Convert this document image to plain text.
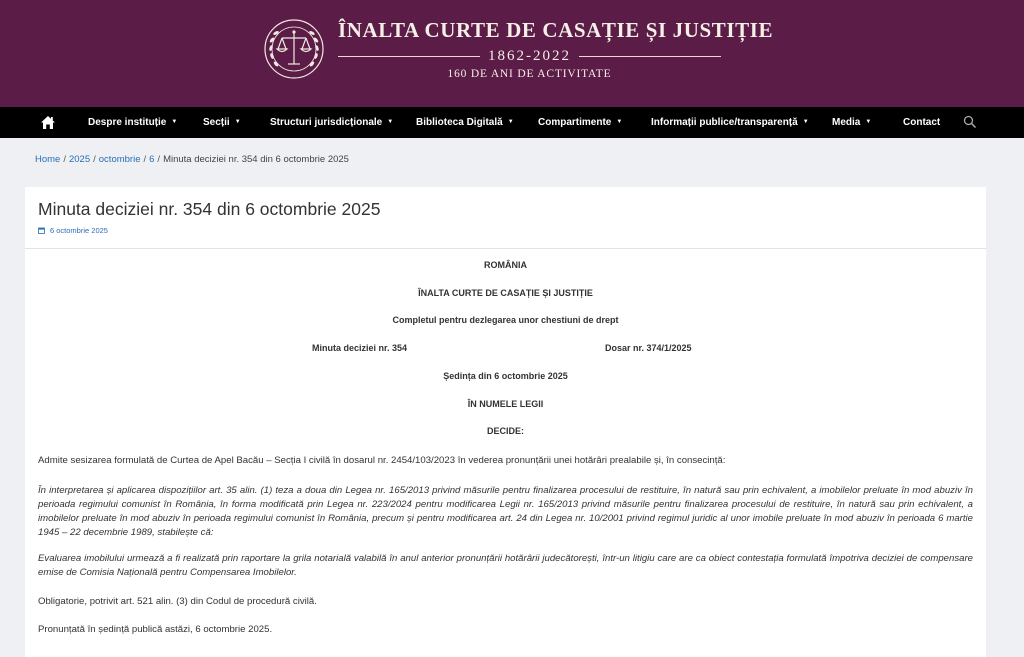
ÎNALTA CURTE DE CASAȚIE ȘI JUSTIȚIE
1862-2022
160 DE ANI DE ACTIVITATE
Despre instituție ▼	Secții ▼	Structuri jurisdicționale ▼ Biblioteca Digitală ▼ Compartimente ▼	Informații publice/transparență ▼ Media ▼	Contact
Home / 2025 / octombrie / 6 / Minuta deciziei nr. 354 din 6 octombrie 2025
Minuta deciziei nr. 354 din 6 octombrie 2025
6 octombrie 2025
ROMÂNIA
ÎNALTA CURTE DE CASAȚIE ȘI JUSTIȚIE
Completul pentru dezlegarea unor chestiuni de drept
Minuta deciziei nr. 354	Dosar nr. 374/1/2025
Ședința din 6 octombrie 2025
ÎN NUMELE LEGII
DECIDE:

Admite sesizarea formulată de Curtea de Apel Bacău – Secția I civilă în dosarul nr. 2454/103/2023 în vederea pronunțării unei hotărâri prealabile și, în consecință:

În interpretarea și aplicarea dispozițiilor art. 35 alin. (1) teza a doua din Legea nr. 165/2013 privind măsurile pentru finalizarea procesului de restituire, în natură sau prin echivalent, a imobilelor preluate în mod abuziv în perioada regimului comunist în România, în forma modificată prin Legea nr. 223/2024 pentru modificarea Legii nr. 165/2013 privind măsurile pentru finalizarea procesului de restituire, în natură sau prin echivalent, a imobilelor preluate în mod abuziv în perioada regimului comunist în România, precum și pentru modificarea art. 24 din Legea nr. 10/2001 privind regimul juridic al unor imobile preluate în mod abuziv în perioada 6 martie 1945 – 22 decembrie 1989, stabilește că:

Evaluarea imobilului urmează a fi realizată prin raportare la grila notarială valabilă în anul anterior pronunțării hotărârii judecătorești, într-un litigiu care are ca obiect contestația formulată împotriva deciziei de compensare emise de Comisia Națională pentru Compensarea Imobilelor.

Obligatorie, potrivit art. 521 alin. (3) din Codul de procedură civilă.

Pronunțată în ședință publică astăzi, 6 octombrie 2025.
